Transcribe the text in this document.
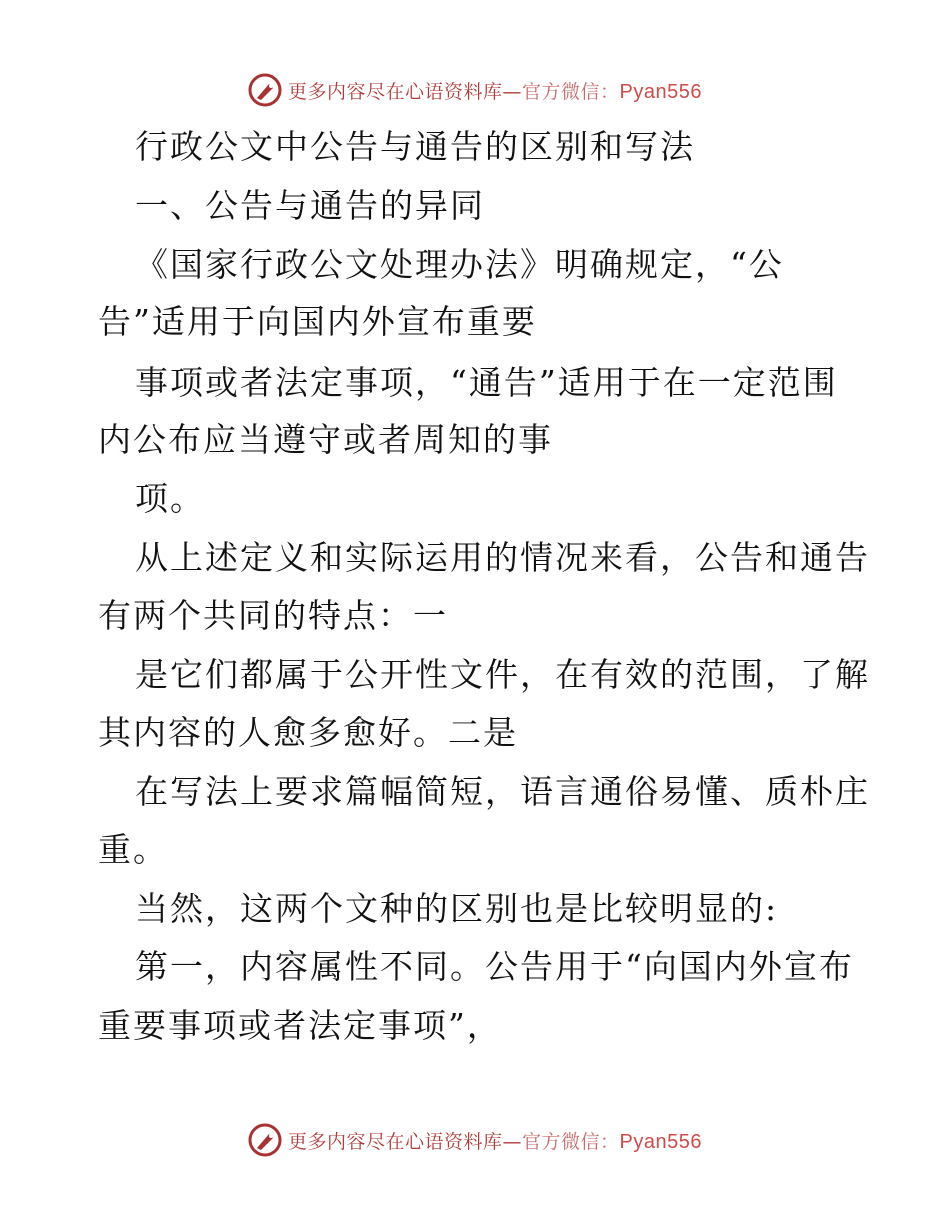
更多内容尽在心语资料库—官方微信：Pyan556
行政公文中公告与通告的区别和写法
一、公告与通告的异同
《国家行政公文处理办法》明确规定，“公
告”适用于向国内外宣布重要
事项或者法定事项，“通告”适用于在一定范围
内公布应当遵守或者周知的事
项。
从上述定义和实际运用的情况来看，公告和通告
有两个共同的特点：一
是它们都属于公开性文件，在有效的范围，了解
其内容的人愈多愈好。二是
在写法上要求篇幅简短，语言通俗易懂、质朴庄
重。
当然，这两个文种的区别也是比较明显的:
第一，内容属性不同。公告用于“向国内外宣布
重要事项或者法定事项”，
更多内容尽在心语资料库—官方微信：Pyan556
